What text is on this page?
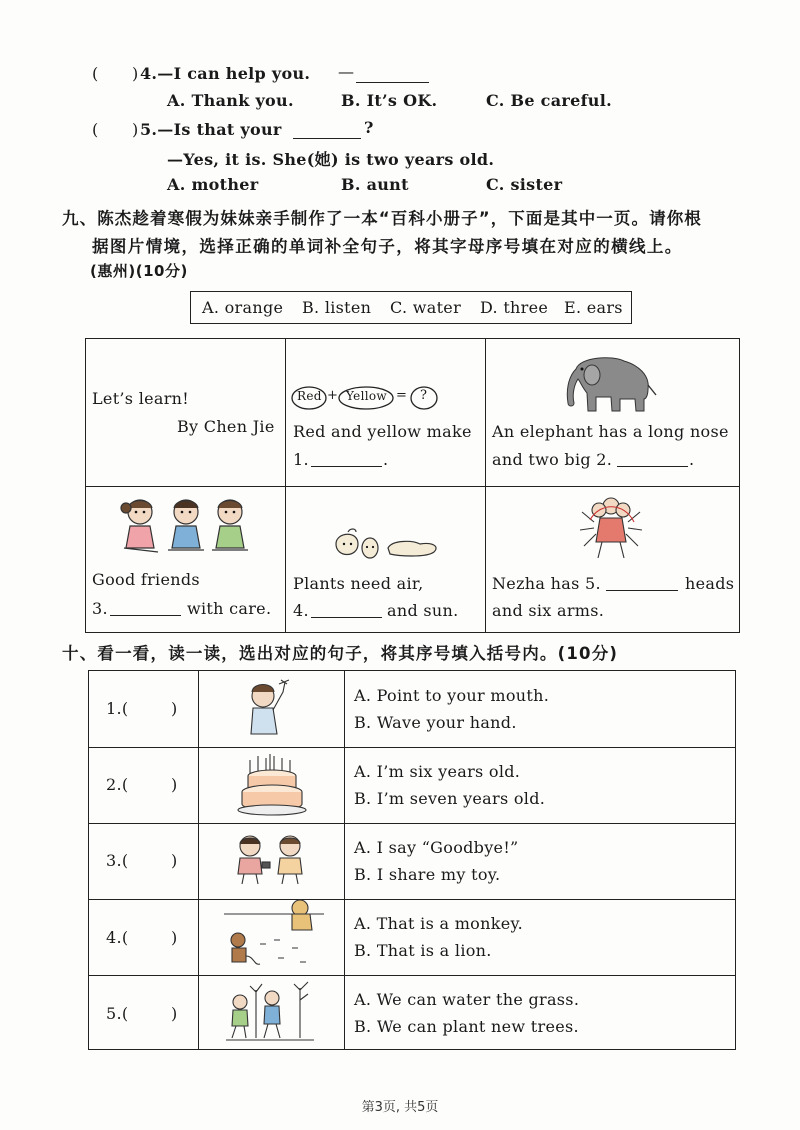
( ) 4.—I can help you. —
A. Thank you.	B. It’s OK.	C. Be careful.
( ) 5.—Is that your	?
—Yes, it is. She(她) is two years old.
A. mother	B. aunt	C. sister
九、陈杰趁着寒假为妹妹亲手制作了一本“百科小册子”，下面是其中一页。请你根
据图片情境，选择正确的单词补全句子，将其字母序号填在对应的横线上。
(惠州)(10分)
A. orange B. listen C. water D. three E. ears
Let’s learn!
By Chen Jie
Red + Yellow = ?
Red and yellow make
1.	.
An elephant has a long nose
and two big 2.	.
Good friends
3.	with care.
Plants need air,
4.	and sun.
Nezha has 5.	heads
and six arms.
十、看一看，读一读，选出对应的句子，将其序号填入括号内。(10分)
1.(	)
A. Point to your mouth.
B. Wave your hand.
2.(	)
A. I’m six years old.
B. I’m seven years old.
3.(	)
A. I say “Goodbye!”
B. I share my toy.
4.(	)
A. That is a monkey.
B. That is a lion.
5.(	)
A. We can water the grass.
B. We can plant new trees.
第3页, 共5页
